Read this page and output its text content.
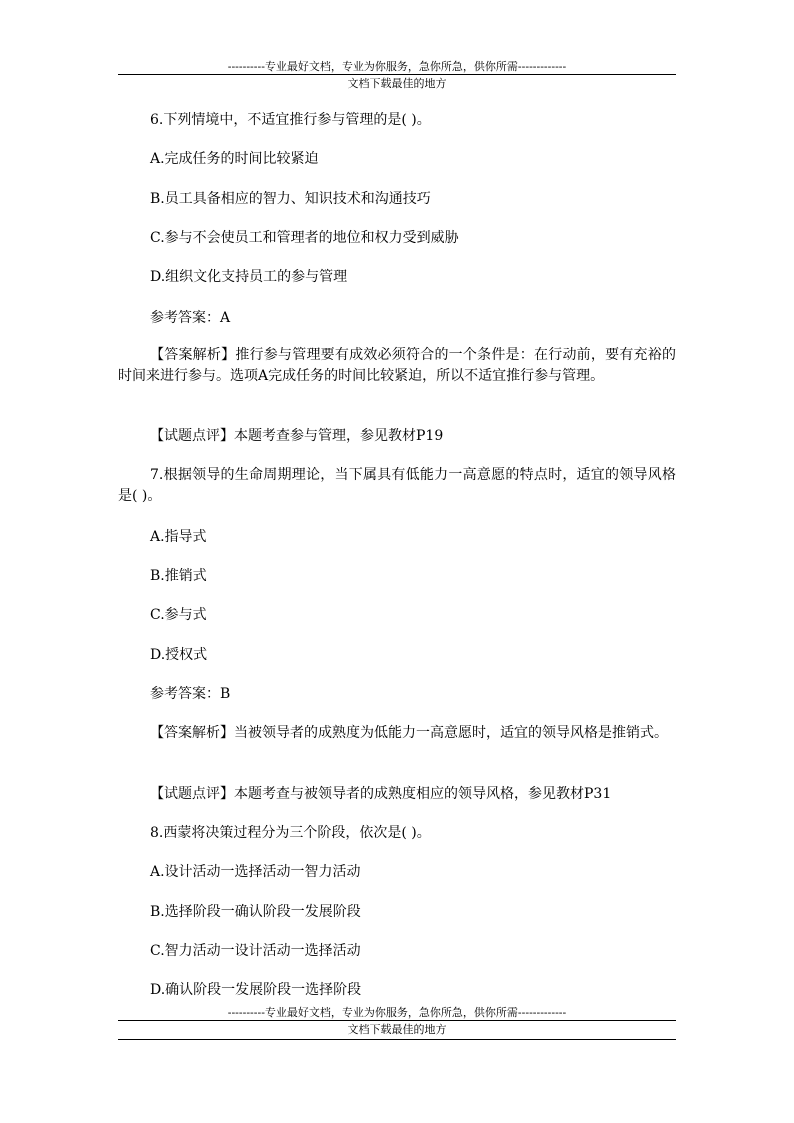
----------专业最好文档，专业为你服务，急你所急，供你所需-------------
文档下载最佳的地方
6.下列情境中，不适宜推行参与管理的是( )。
A.完成任务的时间比较紧迫
B.员工具备相应的智力、知识技术和沟通技巧
C.参与不会使员工和管理者的地位和权力受到威胁
D.组织文化支持员工的参与管理
参考答案：A
【答案解析】推行参与管理要有成效必须符合的一个条件是：在行动前，要有充裕的时间来进行参与。选项A完成任务的时间比较紧迫，所以不适宜推行参与管理。
【试题点评】本题考查参与管理，参见教材P19
7.根据领导的生命周期理论，当下属具有低能力一高意愿的特点时，适宜的领导风格是( )。
A.指导式
B.推销式
C.参与式
D.授权式
参考答案：B
【答案解析】当被领导者的成熟度为低能力一高意愿时，适宜的领导风格是推销式。
【试题点评】本题考查与被领导者的成熟度相应的领导风格，参见教材P31
8.西蒙将决策过程分为三个阶段，依次是( )。
A.设计活动一选择活动一智力活动
B.选择阶段一确认阶段一发展阶段
C.智力活动一设计活动一选择活动
D.确认阶段一发展阶段一选择阶段
----------专业最好文档，专业为你服务，急你所急，供你所需-------------
文档下载最佳的地方
